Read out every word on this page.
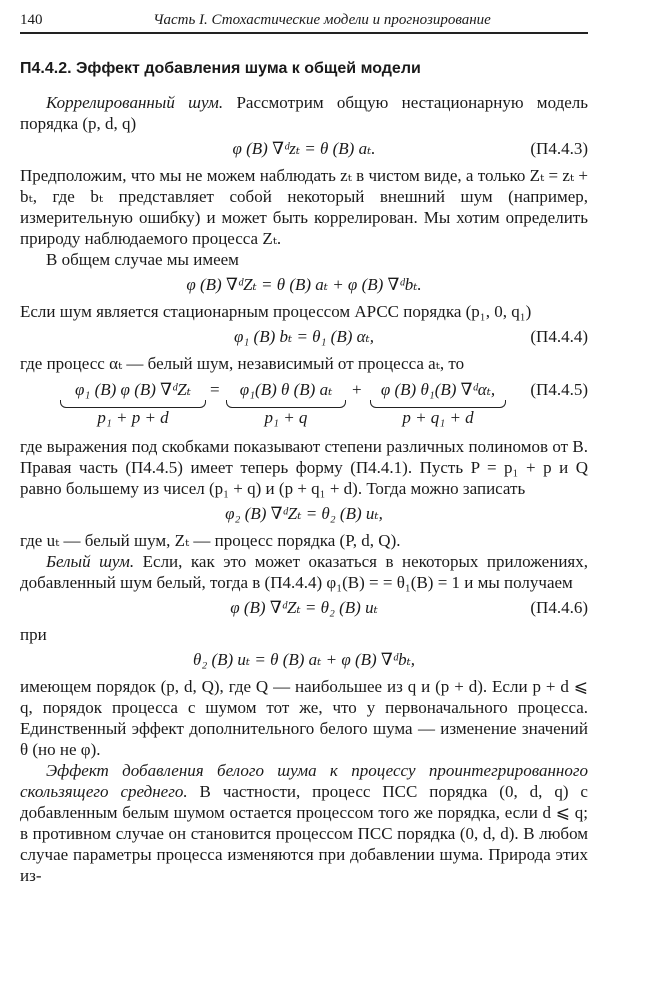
140	Часть I. Стохастические модели и прогнозирование
П4.4.2. Эффект добавления шума к общей модели

Коррелированный шум. Рассмотрим общую нестационарную модель порядка (p, d, q)

φ (B) ∇ᵈzₜ = θ (B) aₜ.	(П4.4.3)

Предположим, что мы не можем наблюдать zₜ в чистом виде, а только Zₜ = zₜ + bₜ, где bₜ представляет собой некоторый внешний шум (например, измерительную ошибку) и может быть коррелирован. Мы хотим определить природу наблюдаемого процесса Zₜ.

В общем случае мы имеем

φ (B) ∇ᵈZₜ = θ (B) aₜ + φ (B) ∇ᵈbₜ.

Если шум является стационарным процессом АРСС порядка (p₁, 0, q₁)

φ₁ (B) bₜ = θ₁ (B) αₜ,	(П4.4.4)

где процесс αₜ — белый шум, независимый от процесса aₜ, то

φ₁ (B) φ (B) ∇ᵈZₜ
p₁ + p + d
=	φ₁(B) θ (B) aₜ
p₁ + q
+	φ (B) θ₁(B) ∇ᵈαₜ,
p + q₁ + d
(П4.4.5)

где выражения под скобками показывают степени различных полиномов от B. Правая часть (П4.4.5) имеет теперь форму (П4.4.1). Пусть P = p₁ + p и Q равно большему из чисел (p₁ + q) и (p + q₁ + d). Тогда можно записать

φ₂ (B) ∇ᵈZₜ = θ₂ (B) uₜ,

где uₜ — белый шум, Zₜ — процесс порядка (P, d, Q).

Белый шум. Если, как это может оказаться в некоторых приложениях, добавленный шум белый, тогда в (П4.4.4) φ₁(B) = = θ₁(B) = 1 и мы получаем

φ (B) ∇ᵈZₜ = θ₂ (B) uₜ	(П4.4.6)

при

θ₂ (B) uₜ = θ (B) aₜ + φ (B) ∇ᵈbₜ,

имеющем порядок (p, d, Q), где Q — наибольшее из q и (p + d). Если p + d ⩽ q, порядок процесса с шумом тот же, что у первоначального процесса. Единственный эффект дополнительного белого шума — изменение значений θ (но не φ).

Эффект добавления белого шума к процессу проинтегрированного скользящего среднего. В частности, процесс ПСС порядка (0, d, q) с добавленным белым шумом остается процессом того же порядка, если d ⩽ q; в противном случае он становится процессом ПСС порядка (0, d, d). В любом случае параметры процесса изменяются при добавлении шума. Природа этих из-
